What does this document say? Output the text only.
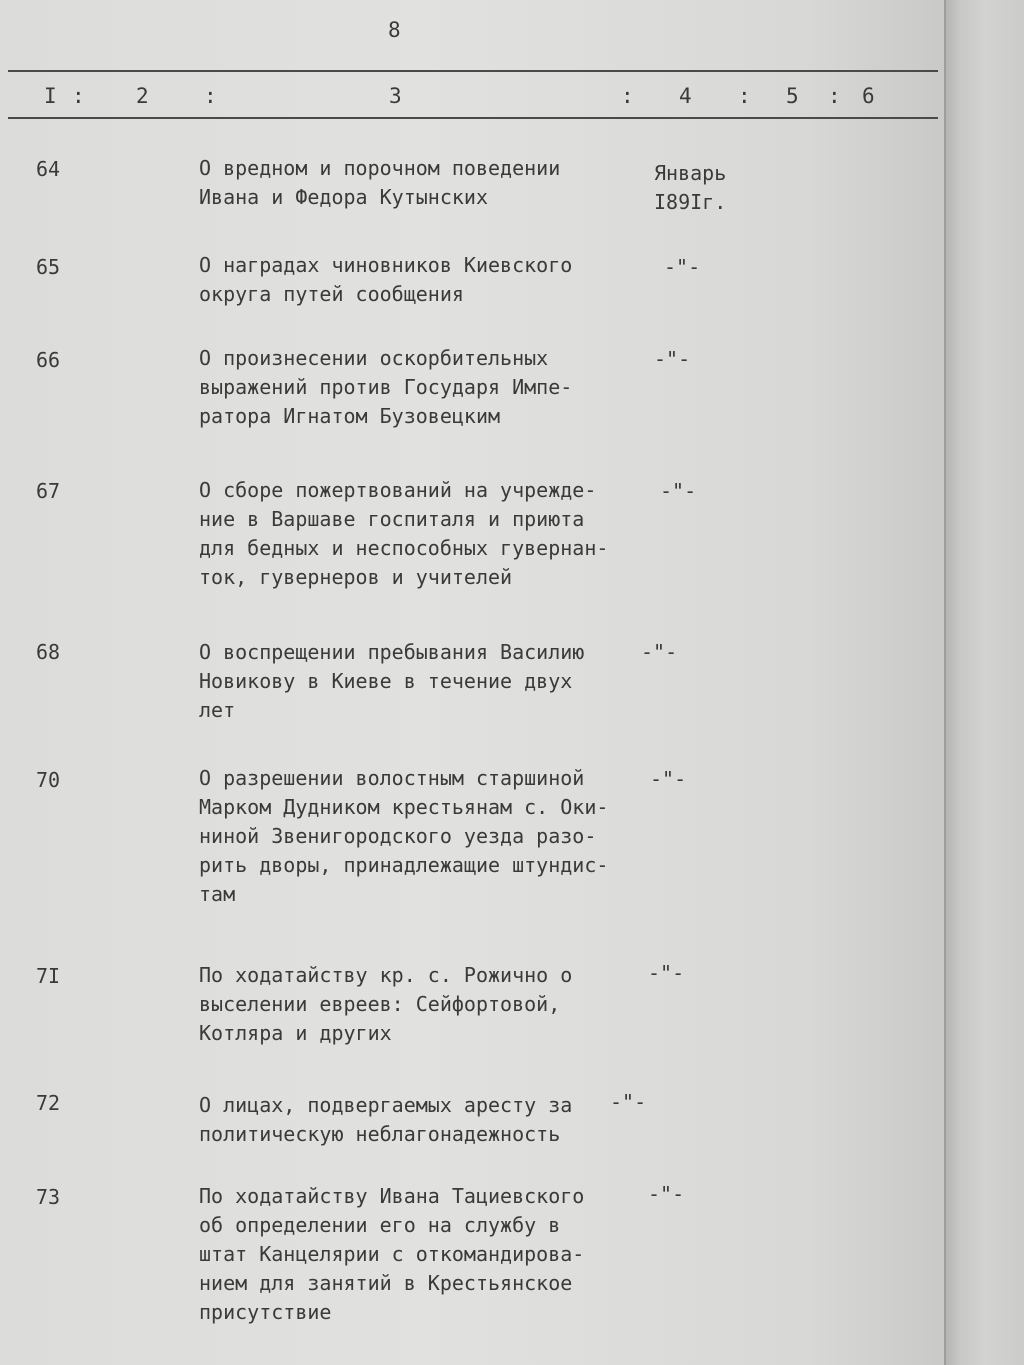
8
I : 2	:	3	: 4 : 5 : 6
64	О вредном и порочном поведении
Ивана и Федора Кутынских
Январь
I89Iг.
65	О наградах чиновников Киевского
округа путей сообщения
-"-
66	О произнесении оскорбительных
выражений против Государя Импе-
ратора Игнатом Бузовецким
-"-
67	О сборе пожертвований на учрежде-
ние в Варшаве госпиталя и приюта
для бедных и неспособных гувернан-
ток, гувернеров и учителей
-"-
68	О воспрещении пребывания Василию
Новикову в Киеве в течение двух
лет
-"-
70	О разрешении волостным старшиной
Марком Дудником крестьянам с. Оки-
ниной Звенигородского уезда разо-
рить дворы, принадлежащие штундис-
там
-"-
7I	По ходатайству кр. с. Рожично о
выселении евреев: Сейфортовой,
Котляра и других
-"-
72	О лицах, подвергаемых аресту за
политическую неблагонадежность
-"-
73	По ходатайству Ивана Тациевского
об определении его на службу в
штат Канцелярии с откомандирова-
нием для занятий в Крестьянское
присутствие
-"-
